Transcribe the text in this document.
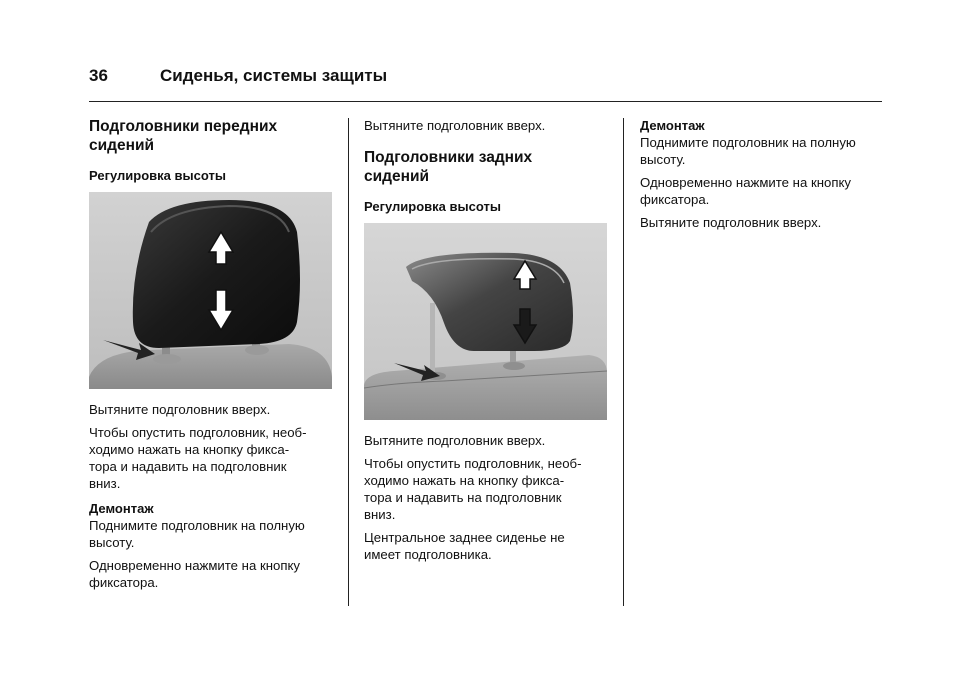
36	Сиденья, системы защиты
Подголовники передних
сидений
Регулировка высоты

Вытяните подголовник вверх.

Чтобы опустить подголовник, необ-
ходимо нажать на кнопку фикса-
тора и надавить на подголовник
вниз.

Демонтаж

Поднимите подголовник на полную
высоту.

Одновременно нажмите на кнопку
фиксатора.

Вытяните подголовник вверх.

Подголовники задних
сидений
Регулировка высоты

Вытяните подголовник вверх.

Чтобы опустить подголовник, необ-
ходимо нажать на кнопку фикса-
тора и надавить на подголовник
вниз.

Центральное заднее сиденье не
имеет подголовника.

Демонтаж

Поднимите подголовник на полную
высоту.

Одновременно нажмите на кнопку
фиксатора.

Вытяните подголовник вверх.
